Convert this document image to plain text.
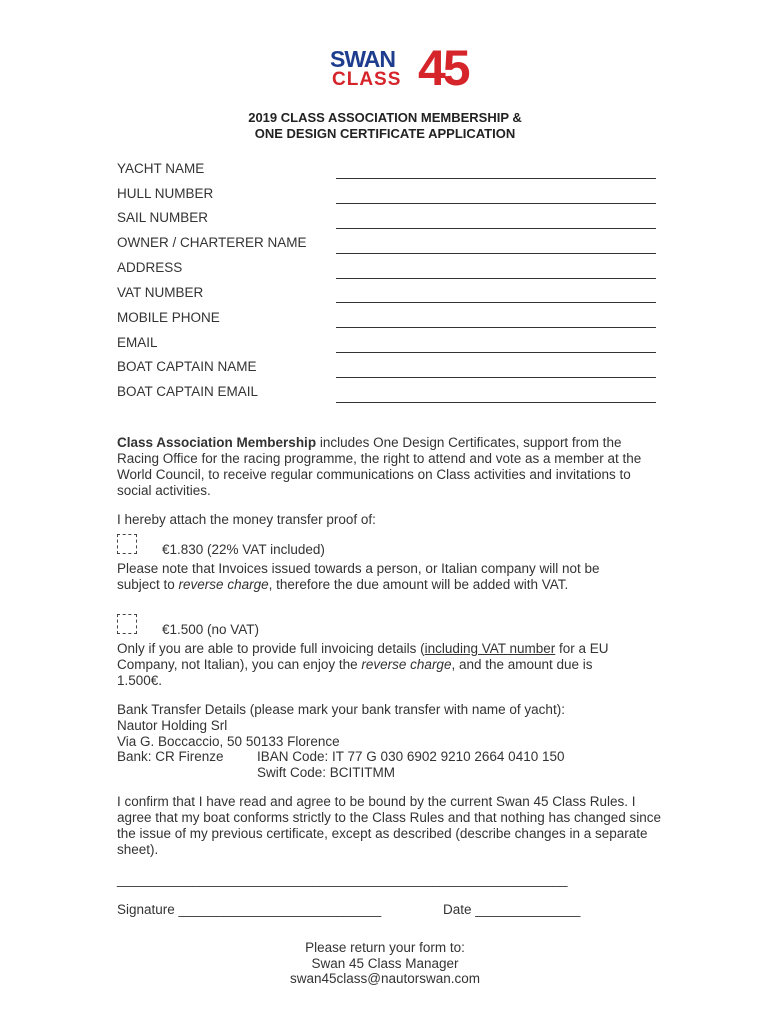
SWAN
CLASS 45
2019 CLASS ASSOCIATION MEMBERSHIP &
ONE DESIGN CERTIFICATE APPLICATION
YACHT NAME
HULL NUMBER
SAIL NUMBER
OWNER / CHARTERER NAME
ADDRESS
VAT NUMBER
MOBILE PHONE
EMAIL
BOAT CAPTAIN NAME
BOAT CAPTAIN EMAIL
Class Association Membership includes One Design Certificates, support from the
Racing Office for the racing programme, the right to attend and vote as a member at the
World Council, to receive regular communications on Class activities and invitations to
social activities.
I hereby attach the money transfer proof of:
€1.830 (22% VAT included)
Please note that Invoices issued towards a person, or Italian company will not be
subject to reverse charge, therefore the due amount will be added with VAT.
€1.500 (no VAT)
Only if you are able to provide full invoicing details (including VAT number for a EU
Company, not Italian), you can enjoy the reverse charge, and the amount due is
1.500€.
Bank Transfer Details (please mark your bank transfer with name of yacht):
Nautor Holding Srl
Via G. Boccaccio, 50 50133 Florence
Bank: CR Firenze IBAN Code: IT 77 G 030 6902 9210 2664 0410 150
Swift Code: BCITITMM
I confirm that I have read and agree to be bound by the current Swan 45 Class Rules. I
agree that my boat conforms strictly to the Class Rules and that nothing has changed since
the issue of my previous certificate, except as described (describe changes in a separate
sheet).
____________________________________________________________
Signature ___________________________	Date ______________
Please return your form to:
Swan 45 Class Manager
swan45class@nautorswan.com
